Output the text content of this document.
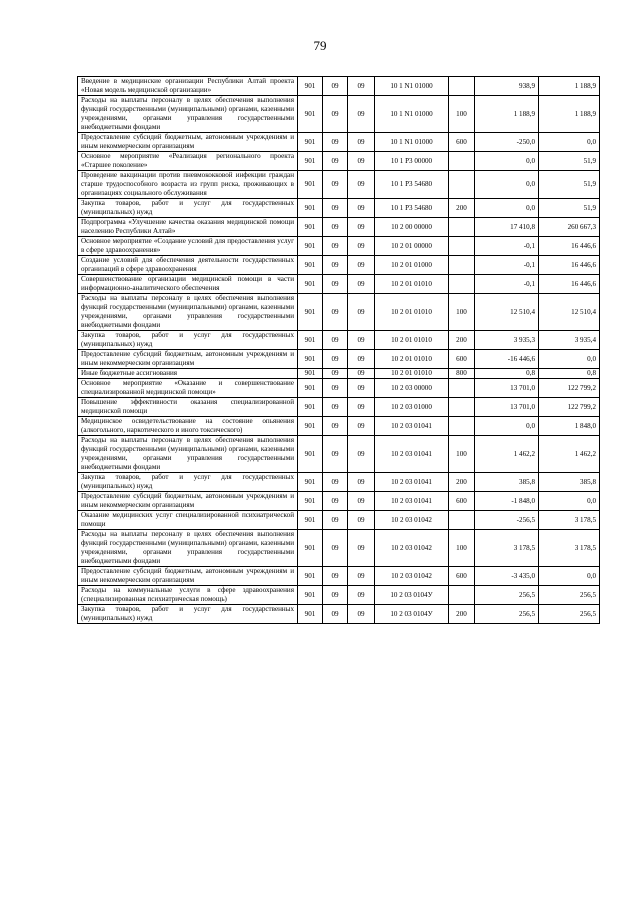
79
Введение в медицинские организации Республики Алтай проекта «Новая модель медицинской организации»	901	09	09	10 1 N1 01000		938,9	1 188,9
Расходы на выплаты персоналу в целях обеспечения выполнения функций государственными (муниципальными) органами, казенными учреждениями, органами управления государственными внебюджетными фондами	901	09	09	10 1 N1 01000	100	1 188,9	1 188,9
Предоставление субсидий бюджетным, автономным учреждениям и иным некоммерческим организациям	901	09	09	10 1 N1 01000	600	-250,0	0,0
Основное мероприятие «Реализация регионального проекта «Старшее поколение»	901	09	09	10 1 P3 00000		0,0	51,9
Проведение вакцинации против пневмококковой инфекции граждан старше трудоспособного возраста из групп риска, проживающих в организациях социального обслуживания	901	09	09	10 1 P3 54680		0,0	51,9
Закупка товаров, работ и услуг для государственных (муниципальных) нужд	901	09	09	10 1 P3 54680	200	0,0	51,9
Подпрограмма «Улучшение качества оказания медицинской помощи населению Республики Алтай»	901	09	09	10 2 00 00000		17 410,8	260 667,3
Основное мероприятие «Создание условий для предоставления услуг в сфере здравоохранения»	901	09	09	10 2 01 00000		-0,1	16 446,6
Создание условий для обеспечения деятельности государственных организаций в сфере здравоохранения	901	09	09	10 2 01 01000		-0,1	16 446,6
Совершенствование организации медицинской помощи в части информационно-аналитического обеспечения	901	09	09	10 2 01 01010		-0,1	16 446,6
Расходы на выплаты персоналу в целях обеспечения выполнения функций государственными (муниципальными) органами, казенными учреждениями, органами управления государственными внебюджетными фондами	901	09	09	10 2 01 01010	100	12 510,4	12 510,4
Закупка товаров, работ и услуг для государственных (муниципальных) нужд	901	09	09	10 2 01 01010	200	3 935,3	3 935,4
Предоставление субсидий бюджетным, автономным учреждениям и иным некоммерческим организациям	901	09	09	10 2 01 01010	600	-16 446,6	0,0
Иные бюджетные ассигнования	901	09	09	10 2 01 01010	800	0,8	0,8
Основное мероприятие «Оказание и совершенствование специализированной медицинской помощи»	901	09	09	10 2 03 00000		13 701,0	122 799,2
Повышение эффективности оказания специализированной медицинской помощи	901	09	09	10 2 03 01000		13 701,0	122 799,2
Медицинское освидетельствование на состояние опьянения (алкогольного, наркотического и иного токсического)	901	09	09	10 2 03 01041		0,0	1 848,0
Расходы на выплаты персоналу в целях обеспечения выполнения функций государственными (муниципальными) органами, казенными учреждениями, органами управления государственными внебюджетными фондами	901	09	09	10 2 03 01041	100	1 462,2	1 462,2
Закупка товаров, работ и услуг для государственных (муниципальных) нужд	901	09	09	10 2 03 01041	200	385,8	385,8
Предоставление субсидий бюджетным, автономным учреждениям и иным некоммерческим организациям	901	09	09	10 2 03 01041	600	-1 848,0	0,0
Оказание медицинских услуг специализированной психиатрической помощи	901	09	09	10 2 03 01042		-256,5	3 178,5
Расходы на выплаты персоналу в целях обеспечения выполнения функций государственными (муниципальными) органами, казенными учреждениями, органами управления государственными внебюджетными фондами	901	09	09	10 2 03 01042	100	3 178,5	3 178,5
Предоставление субсидий бюджетным, автономным учреждениям и иным некоммерческим организациям	901	09	09	10 2 03 01042	600	-3 435,0	0,0
Расходы на коммунальные услуги в сфере здравоохранения (специализированная психиатрическая помощь)	901	09	09	10 2 03 0104У		256,5	256,5
Закупка товаров, работ и услуг для государственных (муниципальных) нужд	901	09	09	10 2 03 0104У	200	256,5	256,5
